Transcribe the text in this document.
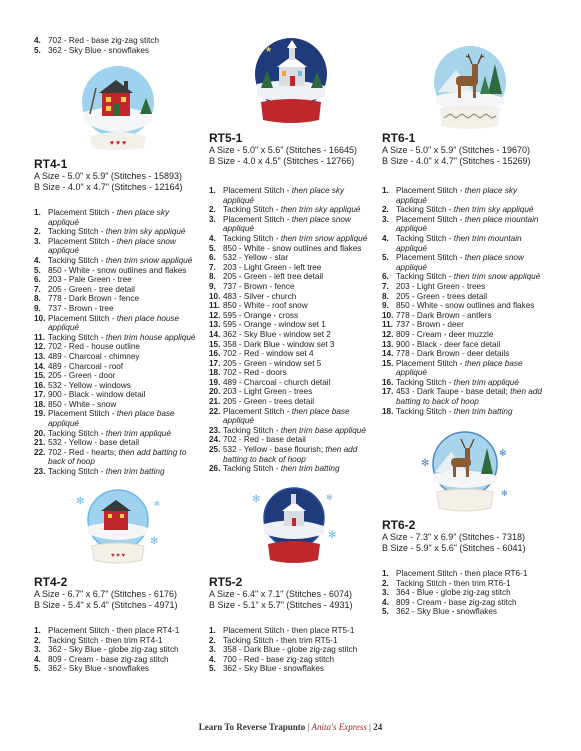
4. 702 - Red - base zig-zag stitch
5. 362 - Sky Blue - snowflakes
♥ ♥ ♥
★
♥ ♥ ♥
✻
✻
✻	✻	✻
✻
✻
✻
✻
RT4-1
A Size - 5.0" x 5.9" (Stitches - 15893)
B Size - 4.0" x 4.7" (Stitches - 12164)
1. Placement Stitch - then place sky appliqué
2. Tacking Stitch - then trim sky appliqué
3. Placement Stitch - then place snow appliqué
4. Tacking Stitch - then trim snow appliqué
5. 850 - White - snow outlines and flakes
6. 203 - Pale Green - tree
7. 205 - Green - tree detail
8. 778 - Dark Brown - fence
9. 737 - Brown - tree
10. Placement Stitch - then place house appliqué
11. Tacking Stitch - then trim house appliqué
12. 702 - Red - house outline
13. 489 - Charcoal - chimney
14. 489 - Charcoal - roof
15. 205 - Green - door
16. 532 - Yellow - windows
17. 900 - Black - window detail
18. 850 - White - snow
19. Placement Stitch - then place base appliqué
20. Tacking Stitch - then trim appliqué
21. 532 - Yellow - base detail
22. 702 - Red - hearts; then add batting to back of hoop
23. Tacking Stitch - then trim batting
RT5-1
A Size - 5.0" x 5.6" (Stitches - 16645)
B Size - 4.0 x 4.5" (Stitches - 12766)
1. Placement Stitch - then place sky appliqué
2. Tacking Stitch - then trim sky appliqué
3. Placement Stitch - then place snow appliqué
4. Tacking Stitch - then trim snow appliqué
5. 850 - White - snow outlines and flakes
6. 532 - Yellow - star
7. 203 - Light Green - left tree
8. 205 - Green - left tree detail
9. 737 - Brown - fence
10. 483 - Silver - church
11. 850 - White - roof snow
12. 595 - Orange - cross
13. 595 - Orange - window set 1
14. 362 - Sky Blue - window set 2
15. 358 - Dark Blue - window set 3
16. 702 - Red - window set 4
17. 205 - Green - window set 5
18. 702 - Red - doors
19. 489 - Charcoal - church detail
20. 203 - Light Green - trees
21. 205 - Green - trees detail
22. Placement Stitch - then place base appliqué
23. Tacking Stitch - then trim base appliqué
24. 702 - Red - base detail
25. 532 - Yellow - base flourish; then add batting to back of hoop
26. Tacking Stitch - then trim batting
RT6-1
A Size - 5.0" x 5.9" (Stitches - 19670)
B Size - 4.0" x 4.7" (Stitches - 15269)
1. Placement Stitch - then place sky appliqué
2. Tacking Stitch - then trim sky appliqué
3. Placement Stitch - then place mountain appliqué
4. Tacking Stitch - then trim mountain appliqué
5. Placement Stitch - then place snow appliqué
6. Tacking Stitch - then trim snow appliqué
7. 203 - Light Green - trees
8. 205 - Green - trees detail
9. 850 - White - snow outlines and flakes
10. 778 - Dark Brown - antlers
11. 737 - Brown - deer
12. 809 - Cream - deer muzzle
13. 900 - Black - deer face detail
14. 778 - Dark Brown - deer details
15. Placement Stitch - then place base appliqué
16. Tacking Stitch - then trim appliqué
17. 453 - Dark Taupe - base detail; then add batting to back of hoop
18. Tacking Stitch - then trim batting
RT4-2
A Size - 6.7" x 6.7" (Stitches - 6176)
B Size - 5.4" x 5.4" (Stitches - 4971)
1. Placement Stitch - then place RT4-1
2. Tacking Stitch - then trim RT4-1
3. 362 - Sky Blue - globe zig-zag stitch
4. 809 - Cream - base zig-zag stitch
5. 362 - Sky Blue - snowflakes
RT5-2
A Size - 6.4" x 7.1" (Stitches - 6074)
B Size - 5.1" x 5.7" (Stitches - 4931)
1. Placement Stitch - then place RT5-1
2. Tacking Stitch - then trim RT5-1
3. 358 - Dark Blue - globe zig-zag stitch
4. 700 - Red - base zig-zag stitch
5. 362 - Sky Blue - snowflakes
RT6-2
A Size - 7.3" x 6.9" (Stitches - 7318)
B Size - 5.9" x 5.6" (Stitches - 6041)
1. Placement Stitch - then place RT6-1
2. Tacking Stitch - then trim RT6-1
3. 364 - Blue - globe zig-zag stitch
4. 809 - Cream - base zig-zag stitch
5. 362 - Sky Blue - snowflakes
Learn To Reverse Trapunto | Anita's Express | 24
